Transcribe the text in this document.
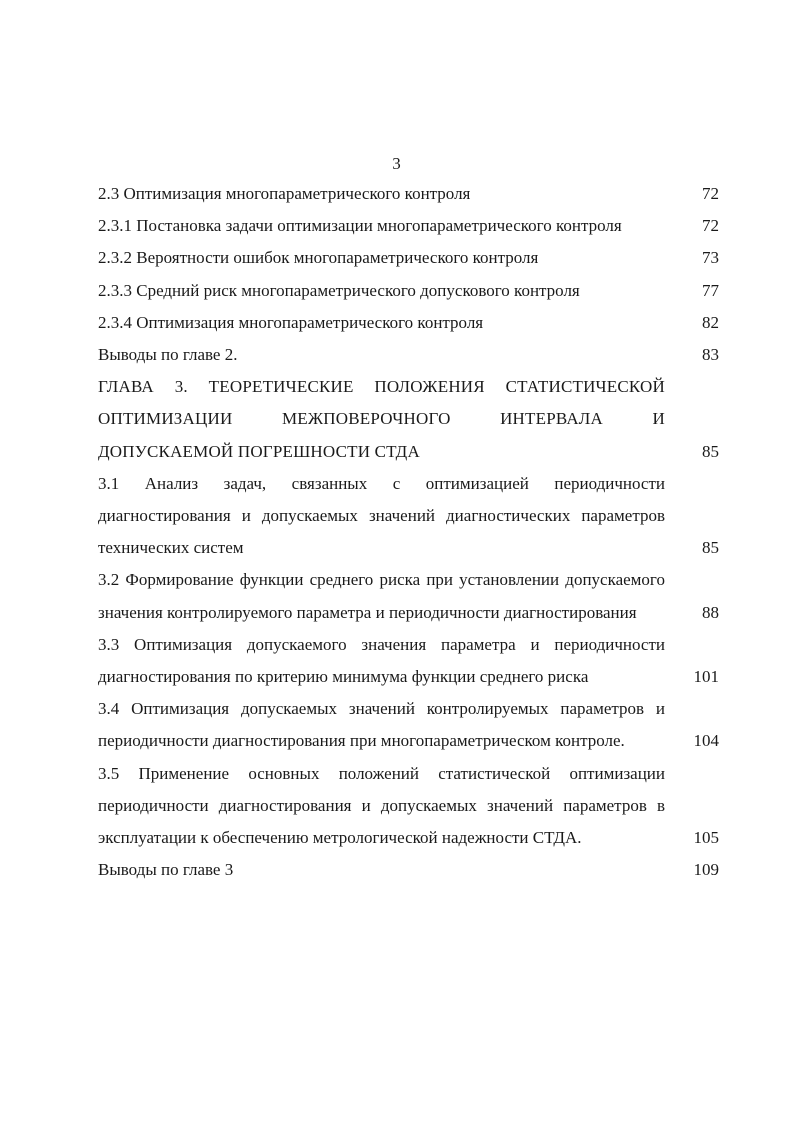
3
2.3 Оптимизация многопараметрического контроля	72
2.3.1 Постановка задачи оптимизации многопараметрического контроля	72
2.3.2 Вероятности ошибок многопараметрического контроля	73
2.3.3 Средний риск многопараметрического допускового контроля	77
2.3.4 Оптимизация многопараметрического контроля	82
Выводы по главе 2.	83
ГЛАВА 3. ТЕОРЕТИЧЕСКИЕ ПОЛОЖЕНИЯ СТАТИСТИЧЕСКОЙ ОПТИМИЗАЦИИ МЕЖПОВЕРОЧНОГО ИНТЕРВАЛА И ДОПУСКАЕМОЙ ПОГРЕШНОСТИ СТДА	85
3.1 Анализ задач, связанных с оптимизацией периодичности диагностирования и допускаемых значений диагностических параметров технических систем	85
3.2 Формирование функции среднего риска при установлении допускаемого значения контролируемого параметра и периодичности диагностирования	88
3.3 Оптимизация допускаемого значения параметра и периодичности диагностирования по критерию минимума функции среднего риска	101
3.4 Оптимизация допускаемых значений контролируемых параметров и периодичности диагностирования при многопараметрическом контроле.	104
3.5 Применение основных положений статистической оптимизации периодичности диагностирования и допускаемых значений параметров в эксплуатации к обеспечению метрологической надежности СТДА.	105
Выводы по главе 3	109
